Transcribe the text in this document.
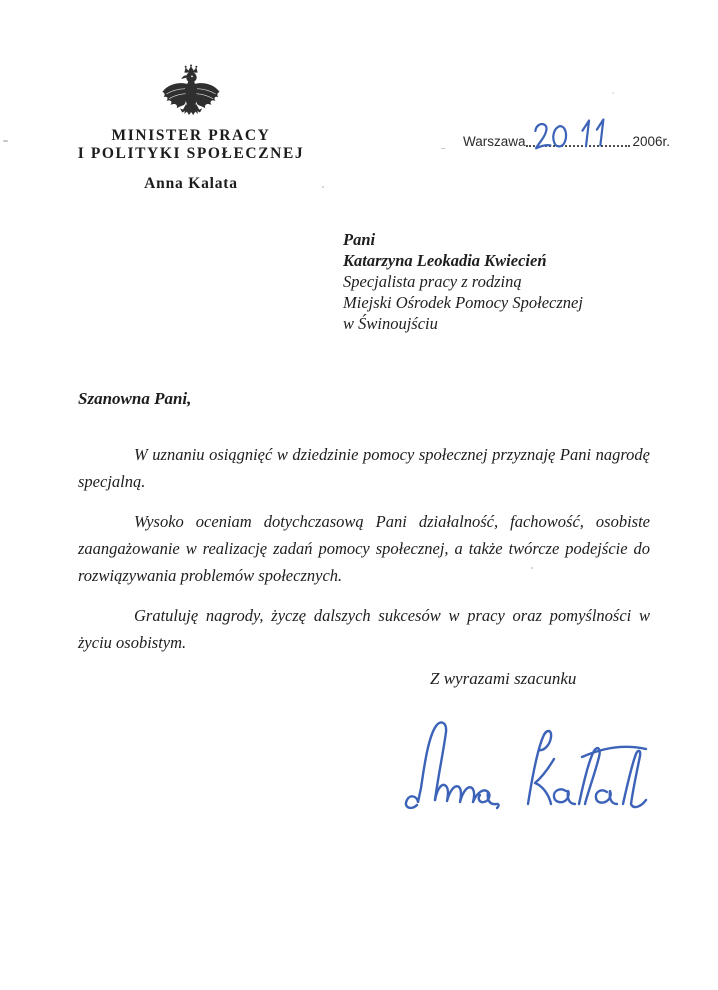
MINISTER PRACY
I POLITYKI SPOŁECZNEJ
Anna Kalata
Warszawa	2006r.
Pani
Katarzyna Leokadia Kwiecień
Specjalista pracy z rodziną
Miejski Ośrodek Pomocy Społecznej
w Świnoujściu
Szanowna Pani,

W uznaniu osiągnięć w dziedzinie pomocy społecznej przyznaję Pani nagrodę specjalną.

Wysoko oceniam dotychczasową Pani działalność, fachowość, osobiste zaangażowanie w realizację zadań pomocy społecznej, a także twórcze podejście do rozwiązywania problemów społecznych.

Gratuluję nagrody, życzę dalszych sukcesów w pracy oraz pomyślności w życiu osobistym.

Z wyrazami szacunku
